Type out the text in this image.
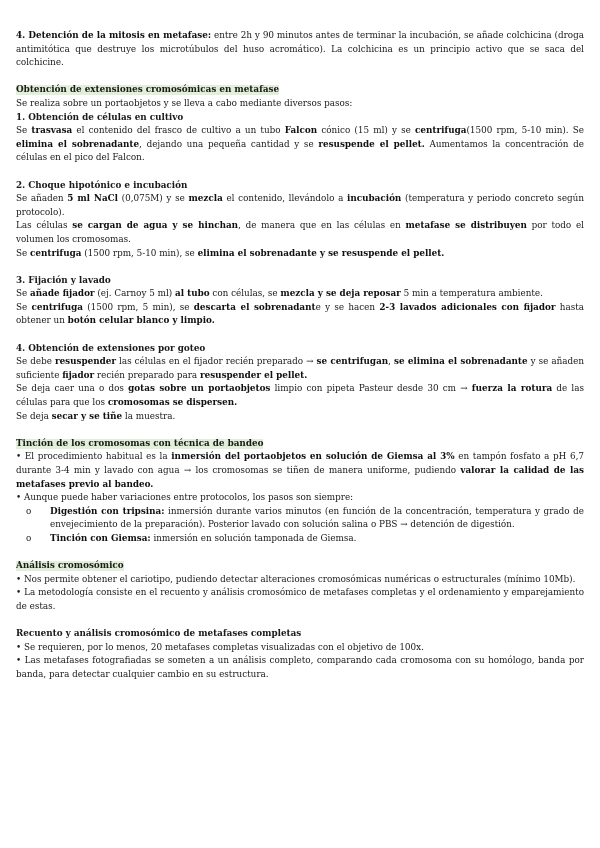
4. Detención de la mitosis en metafase: entre 2h y 90 minutos antes de terminar la incubación, se añade colchicina (droga antimitótica que destruye los microtúbulos del huso acromático). La colchicina es un principio activo que se saca del colchicine.

Obtención de extensiones cromosómicas en metafase

Se realiza sobre un portaobjetos y se lleva a cabo mediante diversos pasos:

1. Obtención de células en cultivo

Se trasvasa el contenido del frasco de cultivo a un tubo Falcon cónico (15 ml) y se centrifuga(1500 rpm, 5-10 min). Se elimina el sobrenadante, dejando una pequeña cantidad y se resuspende el pellet. Aumentamos la concentración de células en el pico del Falcon.

2. Choque hipotónico e incubación

Se añaden 5 ml NaCl (0,075M) y se mezcla el contenido, llevándolo a incubación (temperatura y periodo concreto según protocolo).

Las células se cargan de agua y se hinchan, de manera que en las células en metafase se distribuyen por todo el volumen los cromosomas.

Se centrifuga (1500 rpm, 5-10 min), se elimina el sobrenadante y se resuspende el pellet.

3. Fijación y lavado

Se añade fijador (ej. Carnoy 5 ml) al tubo con células, se mezcla y se deja reposar 5 min a temperatura ambiente.

Se centrifuga (1500 rpm, 5 min), se descarta el sobrenadante y se hacen 2-3 lavados adicionales con fijador hasta obtener un botón celular blanco y limpio.

4. Obtención de extensiones por goteo

Se debe resuspender las células en el fijador recién preparado → se centrifugan, se elimina el sobrenadante y se añaden suficiente fijador recién preparado para resuspender el pellet.

Se deja caer una o dos gotas sobre un portaobjetos limpio con pipeta Pasteur desde 30 cm → fuerza la rotura de las células para que los cromosomas se dispersen.

Se deja secar y se tiñe la muestra.

Tinción de los cromosomas con técnica de bandeo

• El procedimiento habitual es la inmersión del portaobjetos en solución de Giemsa al 3% en tampón fosfato a pH 6,7 durante 3-4 min y lavado con agua → los cromosomas se tiñen de manera uniforme, pudiendo valorar la calidad de las metafases previo al bandeo.

• Aunque puede haber variaciones entre protocolos, los pasos son siempre:

o Digestión con tripsina: inmersión durante varios minutos (en función de la concentración, temperatura y grado de envejecimiento de la preparación). Posterior lavado con solución salina o PBS → detención de digestión.

o Tinción con Giemsa: inmersión en solución tamponada de Giemsa.

Análisis cromosómico

• Nos permite obtener el cariotipo, pudiendo detectar alteraciones cromosómicas numéricas o estructurales (mínimo 10Mb).

• La metodología consiste en el recuento y análisis cromosómico de metafases completas y el ordenamiento y emparejamiento de estas.

Recuento y análisis cromosómico de metafases completas

• Se requieren, por lo menos, 20 metafases completas visualizadas con el objetivo de 100x.

• Las metafases fotografiadas se someten a un análisis completo, comparando cada cromosoma con su homólogo, banda por banda, para detectar cualquier cambio en su estructura.
